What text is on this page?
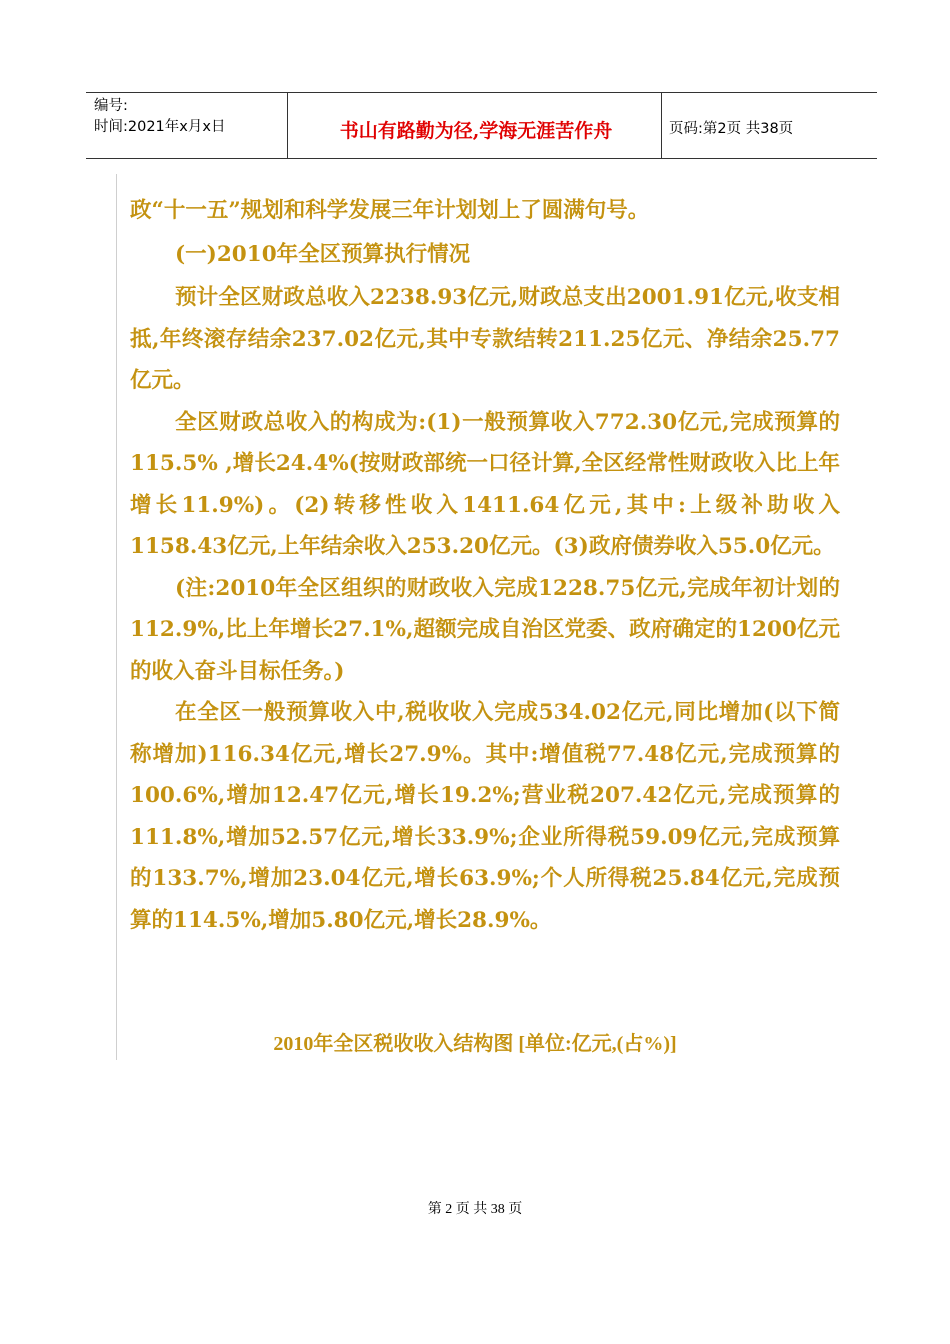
编号:
时间:2021年x月x日	书山有路勤为径,学海无涯苦作舟	页码:第2页 共38页

政“十一五”规划和科学发展三年计划划上了圆满句号。

(一)2010年全区预算执行情况

预计全区财政总收入2238.93亿元,财政总支出2001.91亿元,收支相抵,年终滚存结余237.02亿元,其中专款结转211.25亿元、净结余25.77亿元。

全区财政总收入的构成为:(1)一般预算收入772.30亿元,完成预算的115.5% ,增长24.4%(按财政部统一口径计算,全区经常性财政收入比上年增长11.9%)。(2)转移性收入1411.64亿元,其中:上级补助收入1158.43亿元,上年结余收入253.20亿元。(3)政府债券收入55.0亿元。

(注:2010年全区组织的财政收入完成1228.75亿元,完成年初计划的112.9%,比上年增长27.1%,超额完成自治区党委、政府确定的1200亿元的收入奋斗目标任务。)

在全区一般预算收入中,税收收入完成534.02亿元,同比增加(以下简称增加)116.34亿元,增长27.9%。其中:增值税77.48亿元,完成预算的100.6%,增加12.47亿元,增长19.2%;营业税207.42亿元,完成预算的111.8%,增加52.57亿元,增长33.9%;企业所得税59.09亿元,完成预算的133.7%,增加23.04亿元,增长63.9%;个人所得税25.84亿元,完成预算的114.5%,增加5.80亿元,增长28.9%。

2010年全区税收收入结构图 [单位:亿元,(占%)]
第 2 页 共 38 页
